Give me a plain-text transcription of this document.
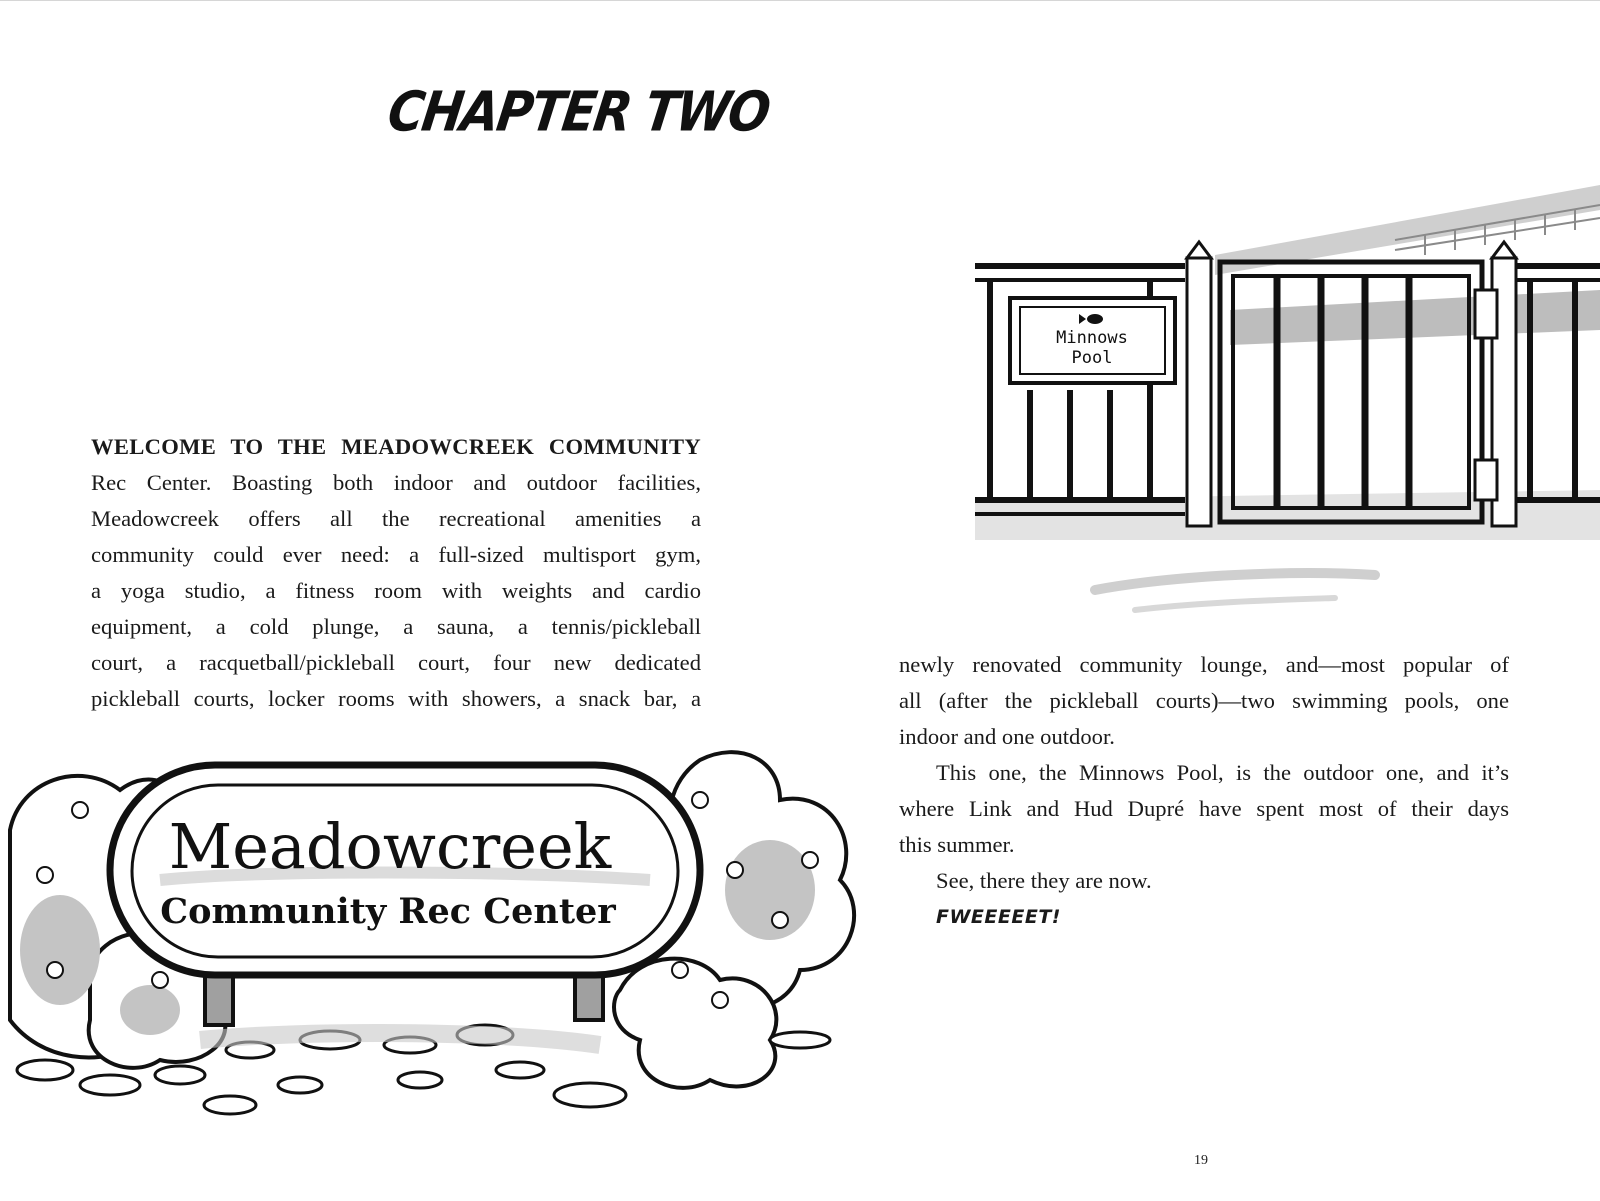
CHAPTER TWO
Minnows
Pool
Meadowcreek
Community Rec Center
WELCOME TO THE MEADOWCREEK COMMUNITY
Rec Center. Boasting both indoor and outdoor facilities,
Meadowcreek offers all the recreational amenities a
community could ever need: a full-sized multisport gym,
a yoga studio, a fitness room with weights and cardio
equipment, a cold plunge, a sauna, a tennis/pickleball
court, a racquetball/pickleball court, four new dedicated
pickleball courts, locker rooms with showers, a snack bar, a
newly renovated community lounge, and—most popular of
all (after the pickleball courts)—two swimming pools, one
indoor and one outdoor.
This one, the Minnows Pool, is the outdoor one, and it’s
where Link and Hud Dupré have spent most of their days
this summer.
See, there they are now.
FWEEEEET!
19
